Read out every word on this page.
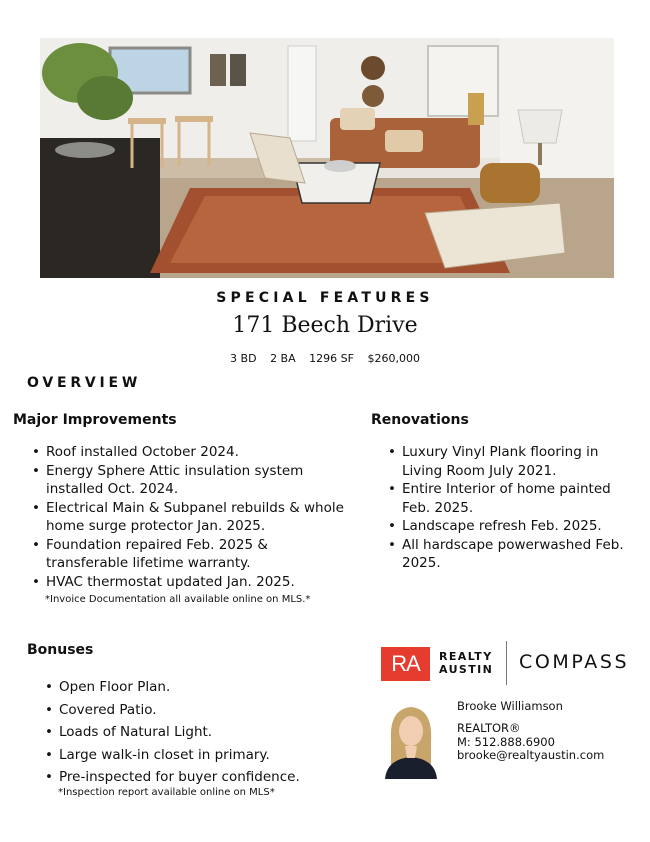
SPECIAL FEATURES
171 Beech Drive
3 BD 2 BA 1296 SF $260,000
OVERVIEW
Major Improvements
• Roof installed October 2024.
• Energy Sphere Attic insulation system installed Oct. 2024.
• Electrical Main & Subpanel rebuilds & whole home surge protector Jan. 2025.
• Foundation repaired Feb. 2025 & transferable lifetime warranty.
• HVAC thermostat updated Jan. 2025.
*Invoice Documentation all available online on MLS.*
Renovations
• Luxury Vinyl Plank flooring in Living Room July 2021.
• Entire Interior of home painted Feb. 2025.
• Landscape refresh Feb. 2025.
• All hardscape powerwashed Feb. 2025.
Bonuses
• Open Floor Plan.
• Covered Patio.
• Loads of Natural Light.
• Large walk-in closet in primary.
• Pre-inspected for buyer confidence.
*Inspection report available online on MLS*
RA	REALTY
AUSTIN COMPASS
Brooke Williamson
REALTOR®
M: 512.888.6900
brooke@realtyaustin.com
